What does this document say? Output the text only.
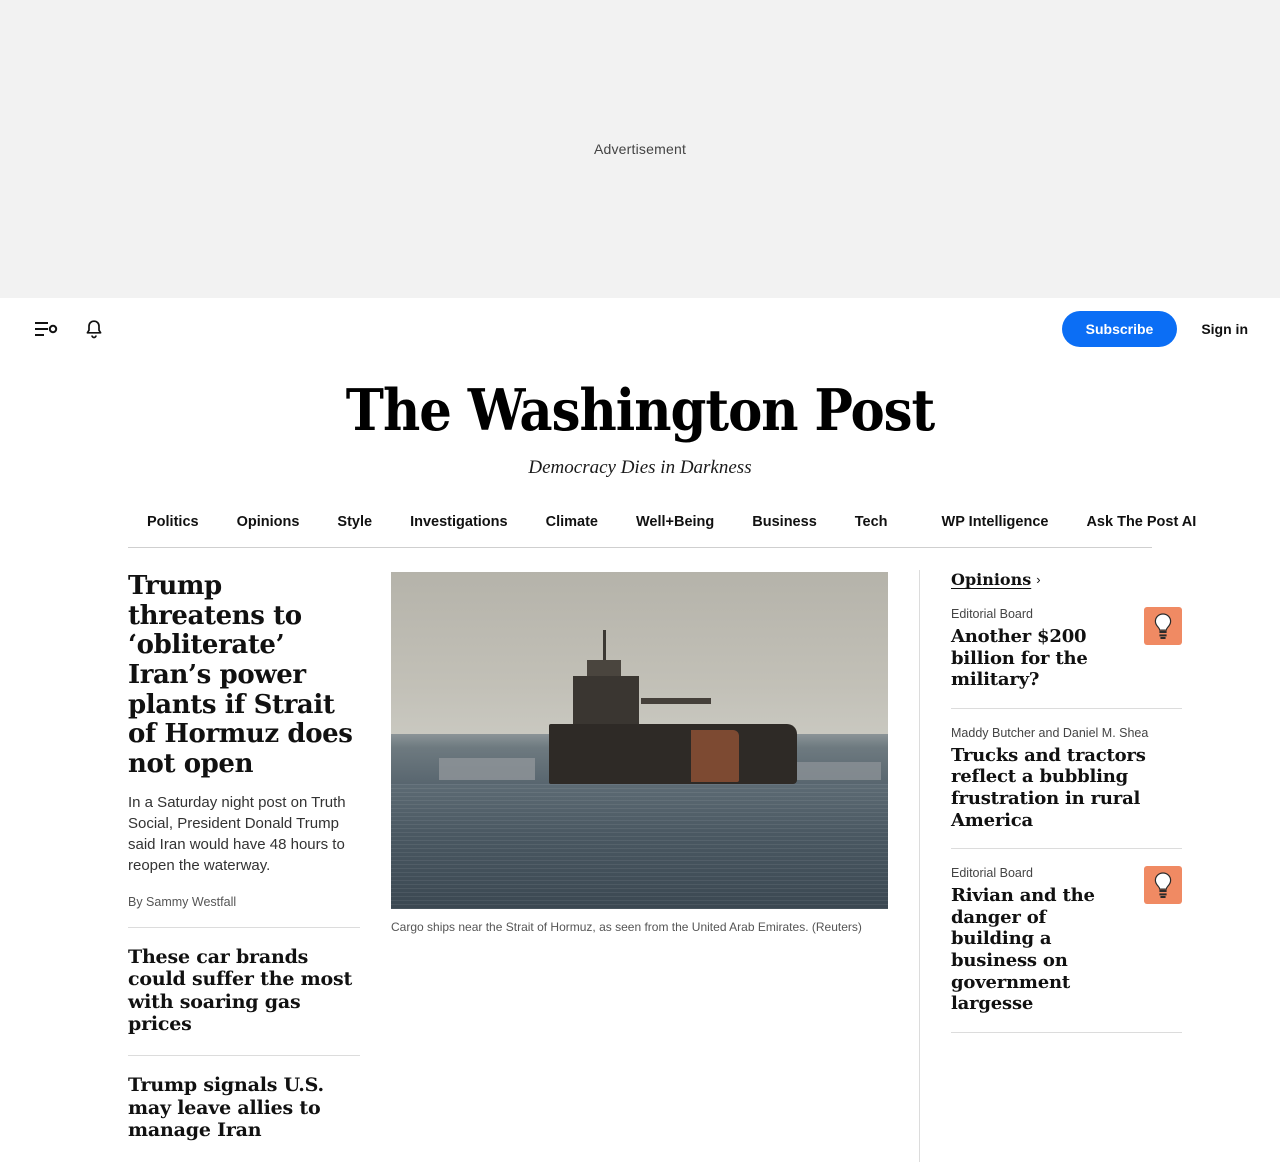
Advertisement
Subscribe	Sign in
The Washington Post
Democracy Dies in Darkness
Politics	Opinions	Style	Investigations	Climate	Well+Being	Business	Tech	WP Intelligence	Ask The Post AI
Trump threatens to ‘obliterate’ Iran’s power plants if Strait of Hormuz does not open

In a Saturday night post on Truth Social, President Donald Trump said Iran would have 48 hours to reopen the waterway.

By Sammy Westfall
These car brands could suffer the most with soaring gas prices
Trump signals U.S. may leave allies to manage Iran
Cargo ships near the Strait of Hormuz, as seen from the United Arab Emirates. (Reuters)
Opinions ›
Editorial Board
Another $200 billion for the military?
Maddy Butcher and Daniel M. Shea
Trucks and tractors reflect a bubbling frustration in rural America
Editorial Board
Rivian and the danger of building a business on government largesse
